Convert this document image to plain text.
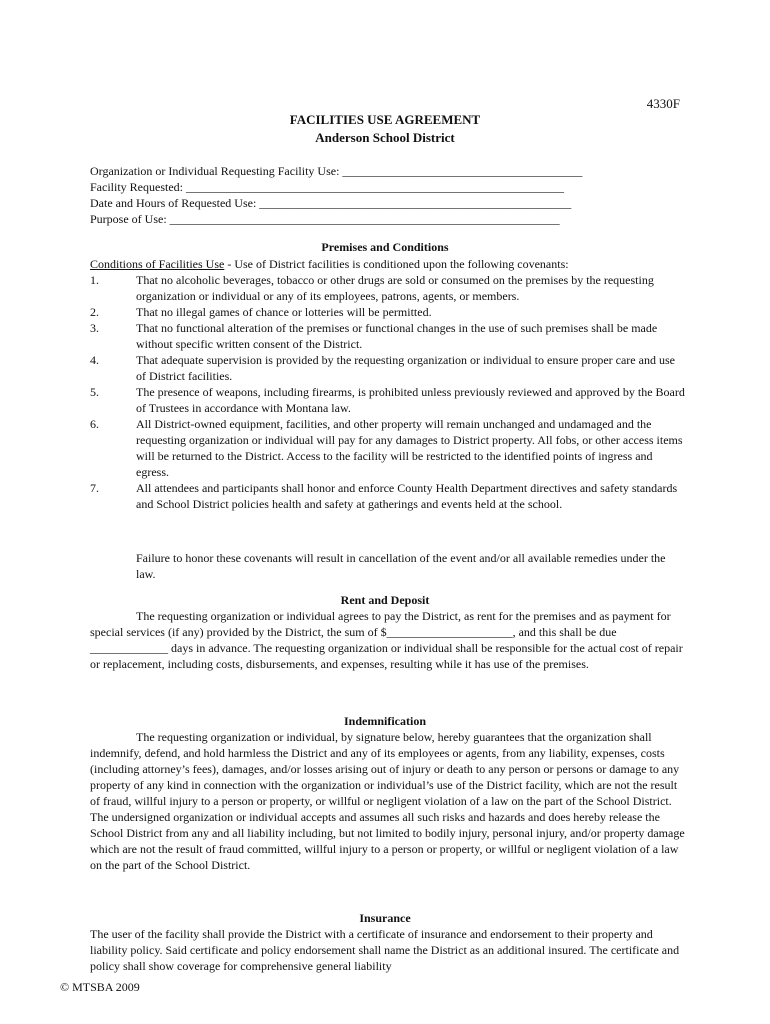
4330F
FACILITIES USE AGREEMENT
Anderson School District
Organization or Individual Requesting Facility Use: ________________________________________
Facility Requested: _______________________________________________________________
Date and Hours of Requested Use: ____________________________________________________
Purpose of Use: _________________________________________________________________
Premises and Conditions
Conditions of Facilities Use - Use of District facilities is conditioned upon the following covenants:
1.	That no alcoholic beverages, tobacco or other drugs are sold or consumed on the premises by the requesting organization or individual or any of its employees, patrons, agents, or members.
2.	That no illegal games of chance or lotteries will be permitted.
3.	That no functional alteration of the premises or functional changes in the use of such premises shall be made without specific written consent of the District.
4.	That adequate supervision is provided by the requesting organization or individual to ensure proper care and use of District facilities.
5.	The presence of weapons, including firearms, is prohibited unless previously reviewed and approved by the Board of Trustees in accordance with Montana law.
6.	All District-owned equipment, facilities, and other property will remain unchanged and undamaged and the requesting organization or individual will pay for any damages to District property. All fobs, or other access items will be returned to the District. Access to the facility will be restricted to the identified points of ingress and egress.
7.	All attendees and participants shall honor and enforce County Health Department directives and safety standards and School District policies health and safety at gatherings and events held at the school.
Failure to honor these covenants will result in cancellation of the event and/or all available remedies under the law.
Rent and Deposit
The requesting organization or individual agrees to pay the District, as rent for the premises and as payment for special services (if any) provided by the District, the sum of $_____________________, and this shall be due _____________ days in advance. The requesting organization or individual shall be responsible for the actual cost of repair or replacement, including costs, disbursements, and expenses, resulting while it has use of the premises.
Indemnification
The requesting organization or individual, by signature below, hereby guarantees that the organization shall indemnify, defend, and hold harmless the District and any of its employees or agents, from any liability, expenses, costs (including attorney’s fees), damages, and/or losses arising out of injury or death to any person or persons or damage to any property of any kind in connection with the organization or individual’s use of the District facility, which are not the result of fraud, willful injury to a person or property, or willful or negligent violation of a law on the part of the School District. The undersigned organization or individual accepts and assumes all such risks and hazards and does hereby release the School District from any and all liability including, but not limited to bodily injury, personal injury, and/or property damage which are not the result of fraud committed, willful injury to a person or property, or willful or negligent violation of a law on the part of the School District.
Insurance
The user of the facility shall provide the District with a certificate of insurance and endorsement to their property and liability policy. Said certificate and policy endorsement shall name the District as an additional insured. The certificate and policy shall show coverage for comprehensive general liability
© MTSBA 2009
